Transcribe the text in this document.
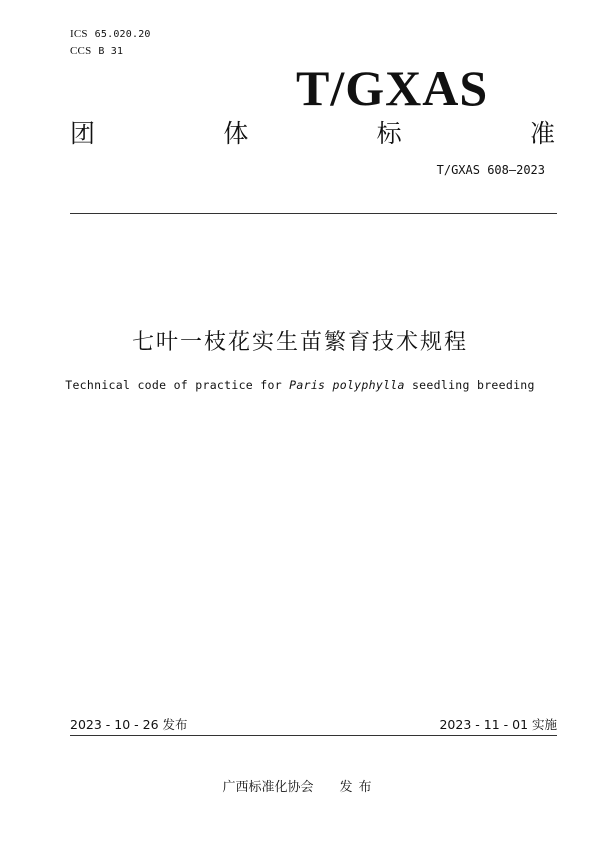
ICS 65.020.20
CCS B 31
T/GXAS
团	体	标	准
T/GXAS 608—2023
七叶一枝花实生苗繁育技术规程
Technical code of practice for Paris polyphylla seedling breeding
2023 - 10 - 26 发布	2023 - 11 - 01 实施
广西标准化协会 发布
